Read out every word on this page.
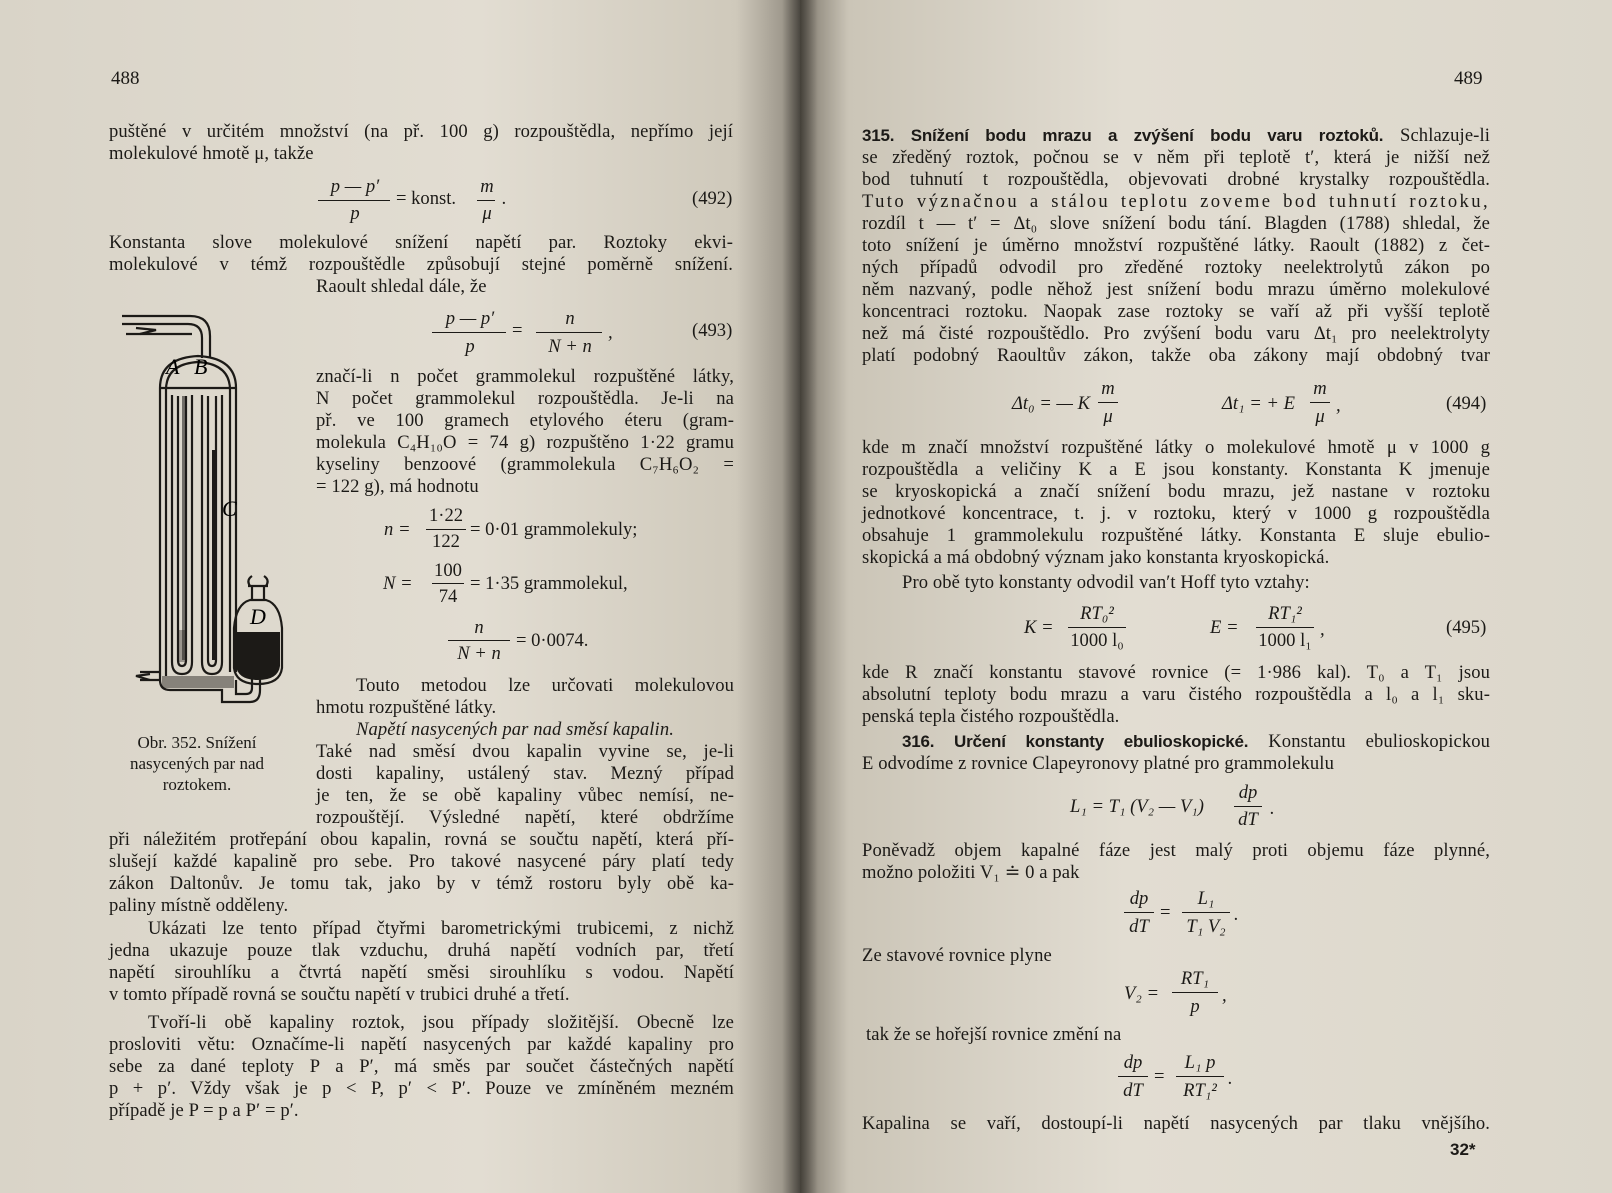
488
puštěné v určitém množství (na př. 100 g) rozpouštědla, nepřímo její
molekulové hmotě μ, takže
p — p′
p
= konst.
m
μ
.	(492)
Konstanta slove molekulové snížení napětí par. Roztoky ekvi-
molekulové v témž rozpouštědle způsobují stejné poměrně snížení.
Raoult shledal dále, že
p — p′
p
=
n
N + n
,	(493)
značí-li n počet grammolekul rozpuštěné látky,
N počet grammolekul rozpouštědla. Je-li na
př. ve 100 gramech etylového éteru (gram-
molekula C₄H₁₀O = 74 g) rozpuštěno 1·22 gramu
kyseliny benzoové (grammolekula C₇H₆O₂ =
= 122 g), má hodnotu
n =
1·22
122
= 0·01 grammolekuly;
N =
100
74
= 1·35 grammolekul,
n
N + n
= 0·0074.
Touto metodou lze určovati molekulovou
hmotu rozpuštěné látky.
Napětí nasycených par nad směsí kapalin.
Také nad směsí dvou kapalin vyvine se, je-li
dosti kapaliny, ustálený stav. Mezný případ
je ten, že se obě kapaliny vůbec nemísí, ne-
rozpouštějí. Výsledné napětí, které obdržíme
při náležitém protřepání obou kapalin, rovná se součtu napětí, která pří-
slušejí každé kapalině pro sebe. Pro takové nasycené páry platí tedy
zákon Daltonův. Je tomu tak, jako by v témž rostoru byly obě ka-
paliny místně odděleny.
Ukázati lze tento případ čtyřmi barometrickými trubicemi, z nichž
jedna ukazuje pouze tlak vzduchu, druhá napětí vodních par, třetí
napětí sirouhlíku a čtvrtá napětí směsi sirouhlíku s vodou. Napětí
v tomto případě rovná se součtu napětí v trubici druhé a třetí.
Tvoří-li obě kapaliny roztok, jsou případy složitější. Obecně lze
prosloviti větu: Označíme-li napětí nasycených par každé kapaliny pro
sebe za dané teploty P a P′, má směs par součet částečných napětí
p + p′. Vždy však je p < P, p′ < P′. Pouze ve zmíněném mezném
případě je P = p a P′ = p′.
A B
C
D
Obr. 352. Snížení
nasycených par nad
roztokem.
489
315. Snížení bodu mrazu a zvýšení bodu varu roztoků. Schlazuje-li
se zředěný roztok, počnou se v něm při teplotě t′, která je nižší než
bod tuhnutí t rozpouštědla, objevovati drobné krystalky rozpouštědla.
Tuto význačnou a stálou teplotu zoveme bod tuhnutí roztoku,
rozdíl t — t′ = Δt₀ slove snížení bodu tání. Blagden (1788) shledal, že
toto snížení je úměrno množství rozpuštěné látky. Raoult (1882) z čet-
ných případů odvodil pro zředěné roztoky neelektrolytů zákon po
něm nazvaný, podle něhož jest snížení bodu mrazu úměrno molekulové
koncentraci roztoku. Naopak zase roztoky se vaří až při vyšší teplotě
než má čisté rozpouštědlo. Pro zvýšení bodu varu Δt₁ pro neelektrolyty
platí podobný Raoultův zákon, takže oba zákony mají obdobný tvar
Δt₀ = — K
m
μ
Δt₁ = + E
m
μ
,	(494)
kde m značí množství rozpuštěné látky o molekulové hmotě μ v 1000 g
rozpouštědla a veličiny K a E jsou konstanty. Konstanta K jmenuje
se kryoskopická a značí snížení bodu mrazu, jež nastane v roztoku
jednotkové koncentrace, t. j. v roztoku, který v 1000 g rozpouštědla
obsahuje 1 grammolekulu rozpuštěné látky. Konstanta E sluje ebulio-
skopická a má obdobný význam jako konstanta kryoskopická.
Pro obě tyto konstanty odvodil van′t Hoff tyto vztahy:
K =
RT₀²
1000 l₀
E =
RT₁²
1000 l₁
,	(495)
kde R značí konstantu stavové rovnice (= 1·986 kal). T₀ a T₁ jsou
absolutní teploty bodu mrazu a varu čistého rozpouštědla a l₀ a l₁ sku-
penská tepla čistého rozpouštědla.
316. Určení konstanty ebulioskopické. Konstantu ebulioskopickou
E odvodíme z rovnice Clapeyronovy platné pro grammolekulu
L₁ = T₁ (V₂ — V₁)
dp
dT
.
Poněvadž objem kapalné fáze jest malý proti objemu fáze plynné,
možno položiti V₁ ≐ 0 a pak
dp
dT
=
L₁
T₁ V₂
.
Ze stavové rovnice plyne
V₂ =
RT₁
p
,
tak že se hořejší rovnice změní na
dp
dT
=
L₁ p
RT₁²
.
Kapalina se vaří, dostoupí-li napětí nasycených par tlaku vnějšího.
32*
